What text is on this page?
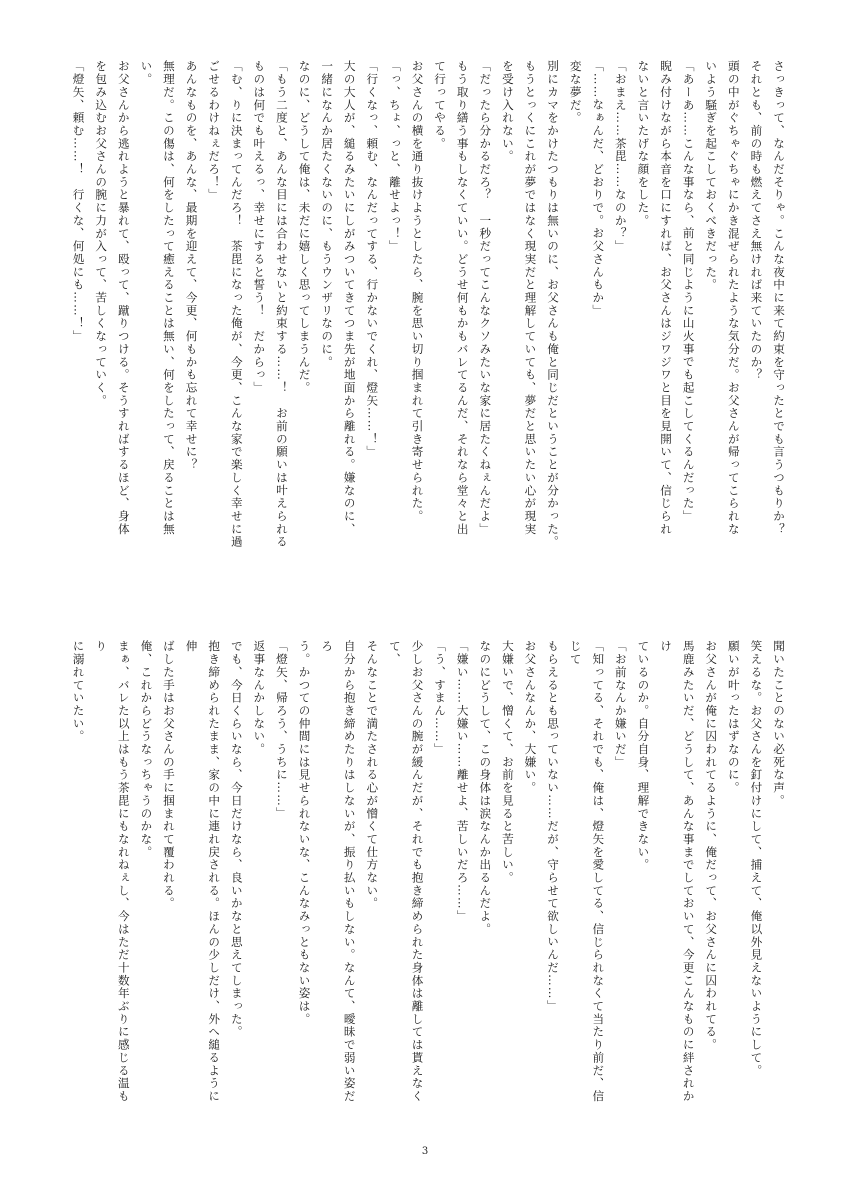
さっきって、なんだそりゃ。こんな夜中に来て約束を守ったとでも言うつもりか？

それとも、前の時も燃えてさえ無ければ来ていたのか？

頭の中がぐちゃぐちゃにかき混ぜられたような気分だ。お父さんが帰ってこられな

いよう騒ぎを起こしておくべきだった。

「あーあ……こんな事なら、前と同じように山火事でも起こしてくるんだった」

睨み付けながら本音を口にすれば、お父さんはジワジワと目を見開いて、信じられ

ないと言いたげな顔をした。

「おまえ……茶毘……なのか？」

「……なぁんだ、どおりで。お父さんもか」

変な夢だ。

別にカマをかけたつもりは無いのに、お父さんも俺と同じだということが分かった。

もうとっくにこれが夢ではなく現実だと理解していても、夢だと思いたい心が現実

を受け入れない。

「だったら分かるだろ？　一秒だってこんなクソみたいな家に居たくねぇんだよ」

もう取り繕う事もしなくていい。どうせ何もかもバレてるんだ、それなら堂々と出

て行ってやる。

お父さんの横を通り抜けようとしたら、腕を思い切り掴まれて引き寄せられた。

「っ、ちょ、っと、離せよっ！」

「行くなっ、頼む、なんだってする、行かないでくれ、燈矢……！」

大の大人が、縋るみたいにしがみついてきてつま先が地面から離れる。嫌なのに、

一緒になんか居たくないのに、もうウンザリなのに。

なのに、どうして俺は、未だに嬉しく思ってしまうんだ。

「もう二度と、あんな目には合わせないと約束する……！　お前の願いは叶えられる

ものは何でも叶えるっ、幸せにすると誓う！　だからっ」

「む、りに決まってんだろ！　茶毘になった俺が、今更、こんな家で楽しく幸せに過

ごせるわけねぇだろ！」

あんなものを、あんな、最期を迎えて、今更、何もかも忘れて幸せに？

無理だ。この傷は、何をしたって癒えることは無い、何をしたって、戻ることは無

い。

お父さんから逃れようと暴れて、殴って、蹴りつける。そうすればするほど、身体

を包み込むお父さんの腕に力が入って、苦しくなっていく。

「燈矢、頼む……！　行くな、何処にも……！」

聞いたことのない必死な声。

笑えるな。お父さんを釘付けにして、捕えて、俺以外見えないようにして。

願いが叶ったはずなのに。

お父さんが俺に囚われてるように、俺だって、お父さんに囚われてる。

馬鹿みたいだ、どうして、あんな事までしておいて、今更こんなものに絆されかけ

ているのか。自分自身、理解できない。

「お前なんか嫌いだ」

「知ってる、それでも、俺は、燈矢を愛してる、信じられなくて当たり前だ、信じて

もらえるとも思っていない……だが、守らせて欲しいんだ……」

お父さんなんか、大嫌い。

大嫌いで、憎くて、お前を見ると苦しい。

なのにどうして、この身体は涙なんか出るんだよ。

「嫌い……大嫌い……離せよ、苦しいだろ……」

「う、すまん……」

少しお父さんの腕が緩んだが、それでも抱き締められた身体は離しては貰えなくて、

そんなことで満たされる心が憎くて仕方ない。

自分から抱き締めたりはしないが、振り払いもしない。なんて、曖昧で弱い姿だろ

う。かつての仲間には見せられないな、こんなみっともない姿は。

「燈矢、帰ろう、うちに……」

返事なんかしない。

でも、今日くらいなら、今日だけなら、良いかなと思えてしまった。

抱き締められたまま、家の中に連れ戻される。ほんの少しだけ、外へ縋るように伸

ばした手はお父さんの手に掴まれて覆われる。

俺、これからどうなっちゃうのかな。

まぁ、バレた以上はもう茶毘にもなれねぇし、今はただ十数年ぶりに感じる温もり

に溺れていたい。

3
